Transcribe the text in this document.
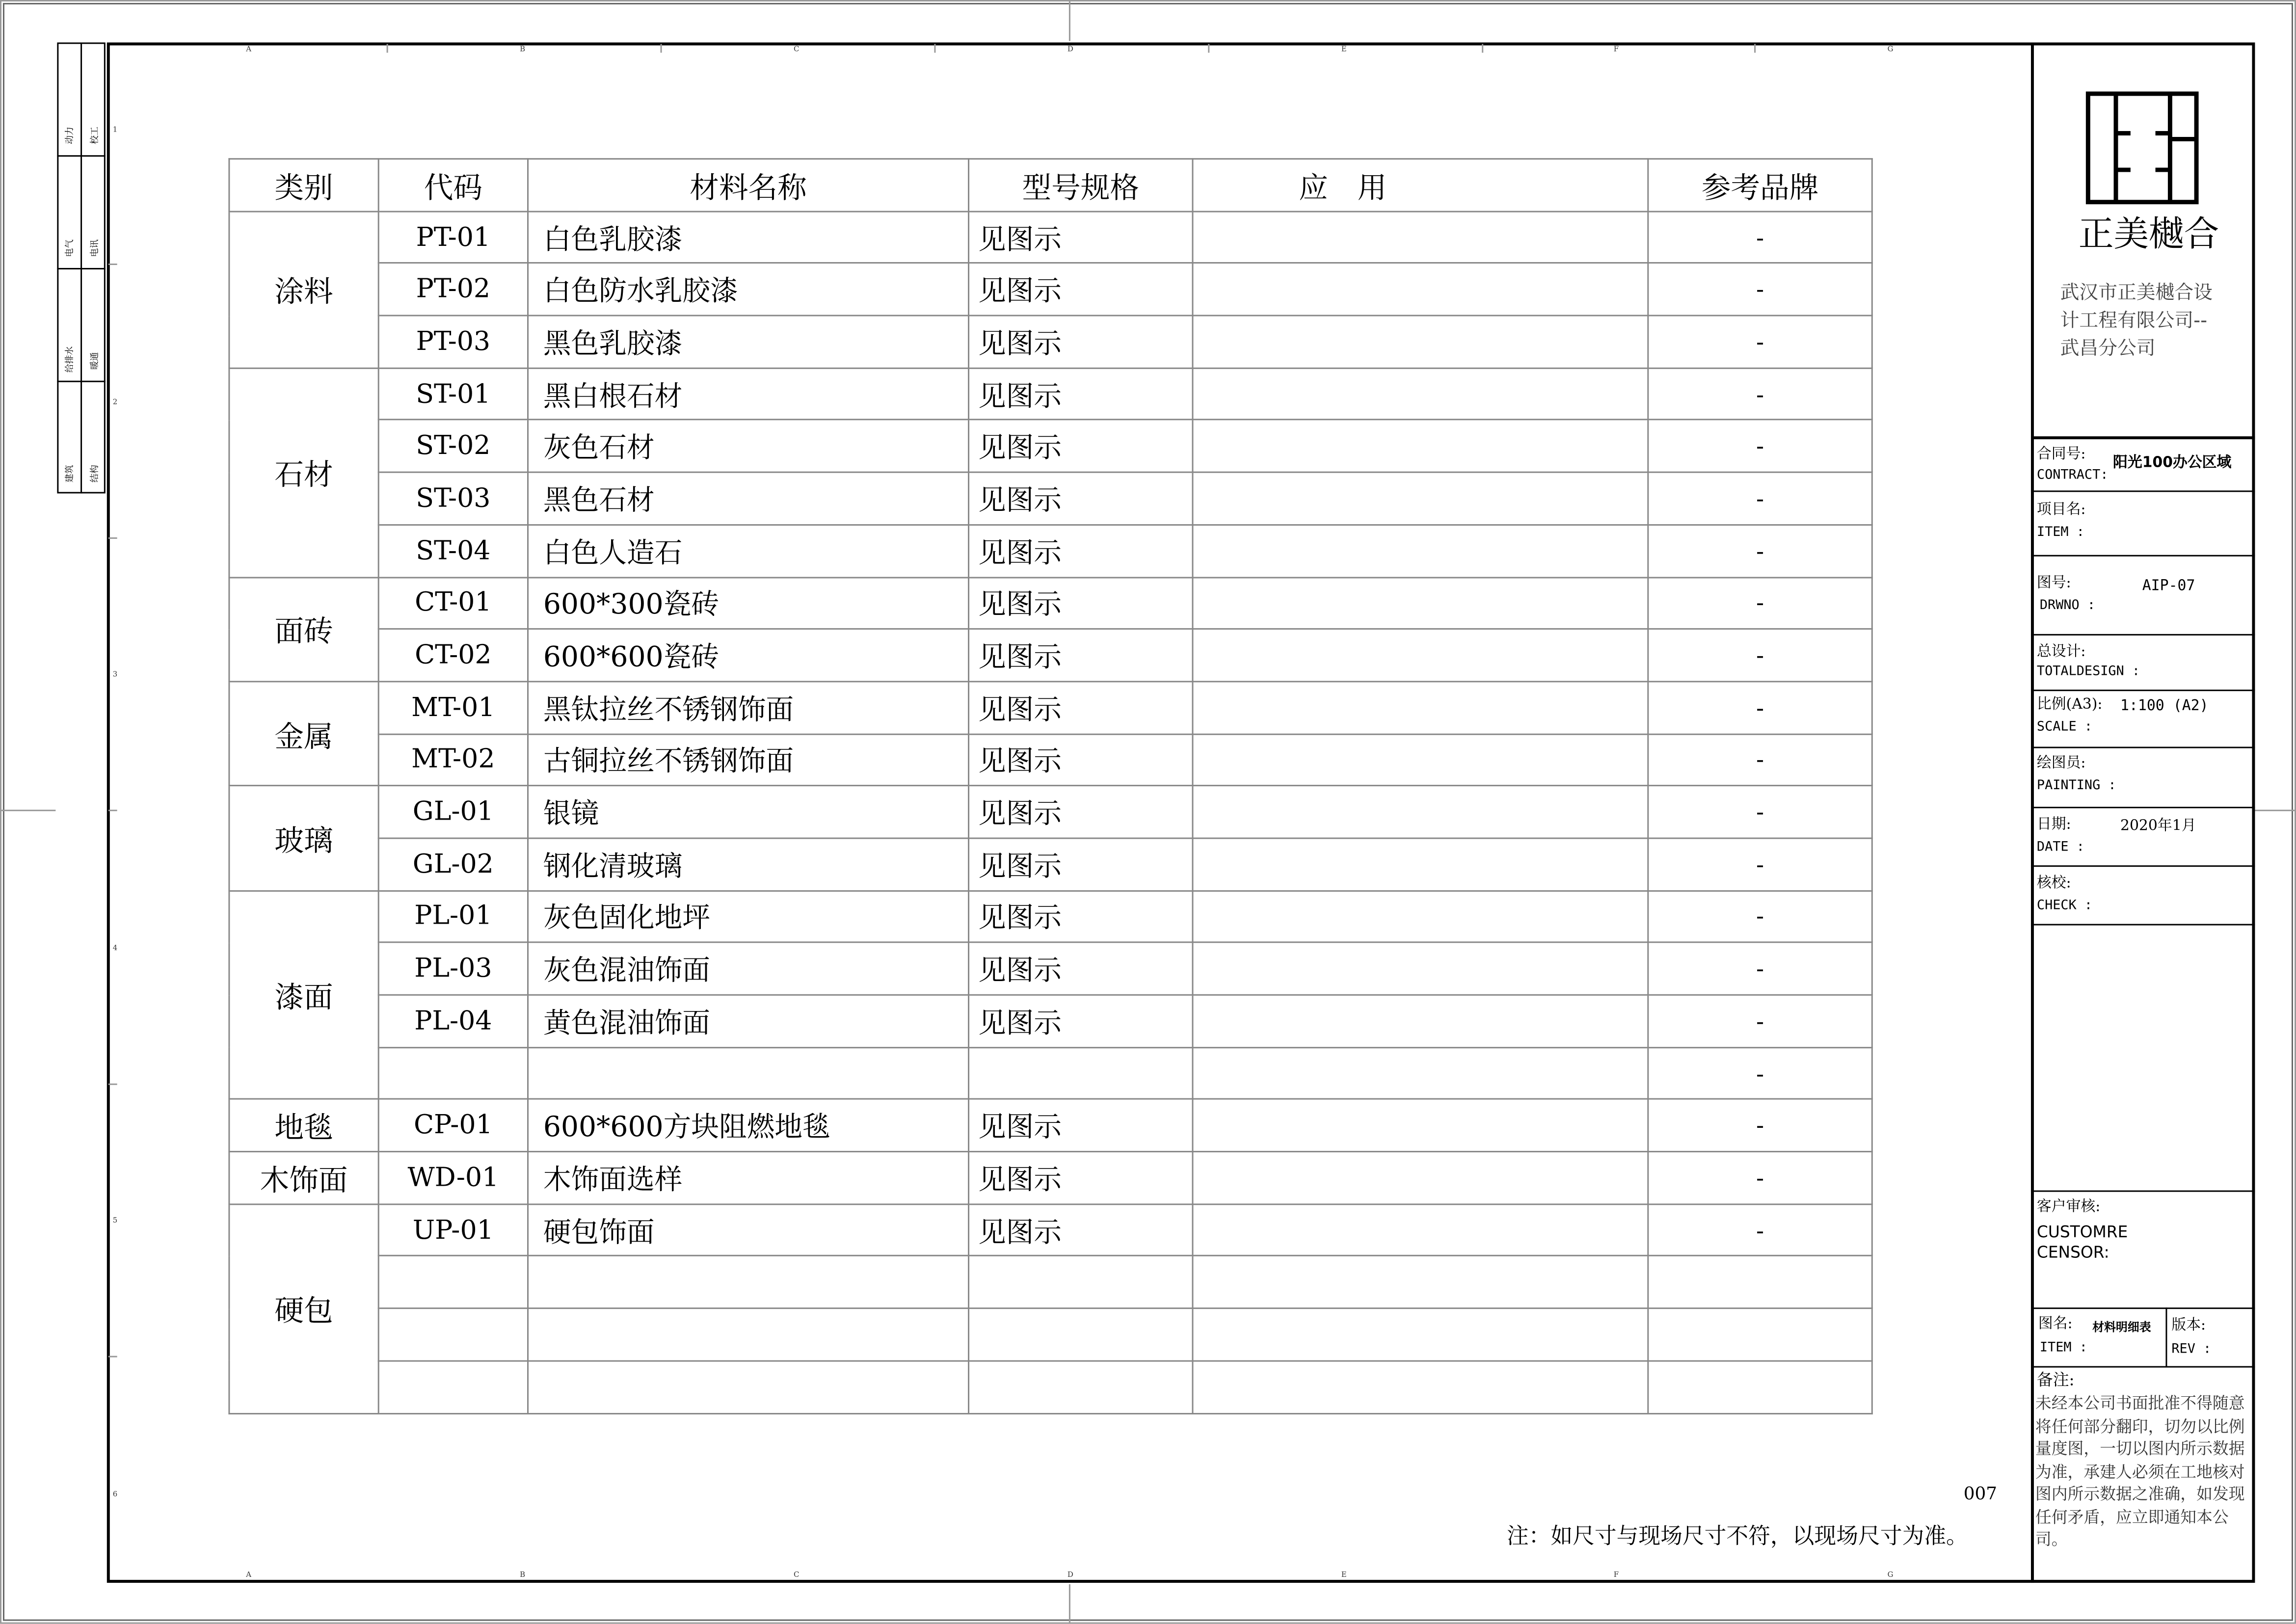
A	B	C	D	E	F	G
A	B	C	D	E	F	G
1
2
3
4
5
6
动力	校工
电气	电讯
给排水	暖通
建筑	结构
类别	代码	材料名称	型号规格	应　用	参考品牌
涂料	PT-01	白色乳胶漆	见图示		-
	PT-02	白色防水乳胶漆	见图示		-
	PT-03	黑色乳胶漆	见图示		-
石材	ST-01	黑白根石材	见图示		-
	ST-02	灰色石材	见图示		-
	ST-03	黑色石材	见图示		-
	ST-04	白色人造石	见图示		-
面砖	CT-01	600*300瓷砖	见图示		-
	CT-02	600*600瓷砖	见图示		-
金属	MT-01	黑钛拉丝不锈钢饰面	见图示		-
	MT-02	古铜拉丝不锈钢饰面	见图示		-
玻璃	GL-01	银镜	见图示		-
	GL-02	钢化清玻璃	见图示		-
漆面	PL-01	灰色固化地坪	见图示		-
	PL-03	灰色混油饰面	见图示		-
	PL-04	黄色混油饰面	见图示		-
					-
地毯	CP-01	600*600方块阻燃地毯	见图示		-
木饰面	WD-01	木饰面选样	见图示		-
硬包	UP-01	硬包饰面	见图示		-

007
注：如尺寸与现场尺寸不符，以现场尺寸为准。
正美樾合
武汉市正美樾合设
计工程有限公司--
武昌分公司
合同号:
阳光100办公区域
CONTRACT:
项目名:
ITEM :
图号:	AIP-07
DRWNO :
总设计:
TOTALDESIGN :
比例(A3):	1:100 (A2)
SCALE :
绘图员:
PAINTING :
日期:	2020年1月
DATE :
核校:
CHECK :
客户审核:
CUSTOMRE
CENSOR:
图名:	材料明细表
ITEM :
版本:
REV :
备注:
未经本公司书面批准不得随意将任何部分翻印，切勿以比例量度图，一切以图内所示数据为准，承建人必须在工地核对图内所示数据之准确，如发现任何矛盾，应立即通知本公司。
